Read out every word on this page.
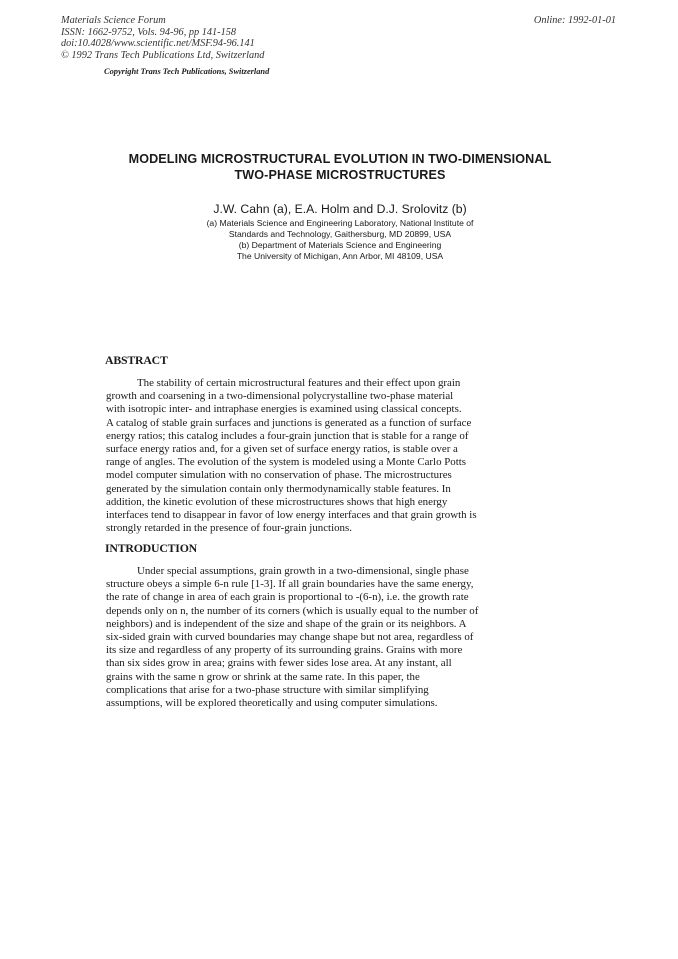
Materials Science Forum
ISSN: 1662-9752, Vols. 94-96, pp 141-158
doi:10.4028/www.scientific.net/MSF.94-96.141
© 1992 Trans Tech Publications Ltd, Switzerland
Online: 1992-01-01
Copyright Trans Tech Publications, Switzerland
MODELING MICROSTRUCTURAL EVOLUTION IN TWO-DIMENSIONAL
TWO-PHASE MICROSTRUCTURES
J.W. Cahn (a), E.A. Holm and D.J. Srolovitz (b)
(a) Materials Science and Engineering Laboratory, National Institute of
Standards and Technology, Gaithersburg, MD 20899, USA
(b) Department of Materials Science and Engineering
The University of Michigan, Ann Arbor, MI 48109, USA
ABSTRACT
The stability of certain microstructural features and their effect upon grain
growth and coarsening in a two-dimensional polycrystalline two-phase material
with isotropic inter- and intraphase energies is examined using classical concepts.
A catalog of stable grain surfaces and junctions is generated as a function of surface
energy ratios; this catalog includes a four-grain junction that is stable for a range of
surface energy ratios and, for a given set of surface energy ratios, is stable over a
range of angles. The evolution of the system is modeled using a Monte Carlo Potts
model computer simulation with no conservation of phase. The microstructures
generated by the simulation contain only thermodynamically stable features. In
addition, the kinetic evolution of these microstructures shows that high energy
interfaces tend to disappear in favor of low energy interfaces and that grain growth is
strongly retarded in the presence of four-grain junctions.
INTRODUCTION
Under special assumptions, grain growth in a two-dimensional, single phase
structure obeys a simple 6-n rule [1-3]. If all grain boundaries have the same energy,
the rate of change in area of each grain is proportional to -(6-n), i.e. the growth rate
depends only on n, the number of its corners (which is usually equal to the number of
neighbors) and is independent of the size and shape of the grain or its neighbors. A
six-sided grain with curved boundaries may change shape but not area, regardless of
its size and regardless of any property of its surrounding grains. Grains with more
than six sides grow in area; grains with fewer sides lose area. At any instant, all
grains with the same n grow or shrink at the same rate. In this paper, the
complications that arise for a two-phase structure with similar simplifying
assumptions, will be explored theoretically and using computer simulations.
